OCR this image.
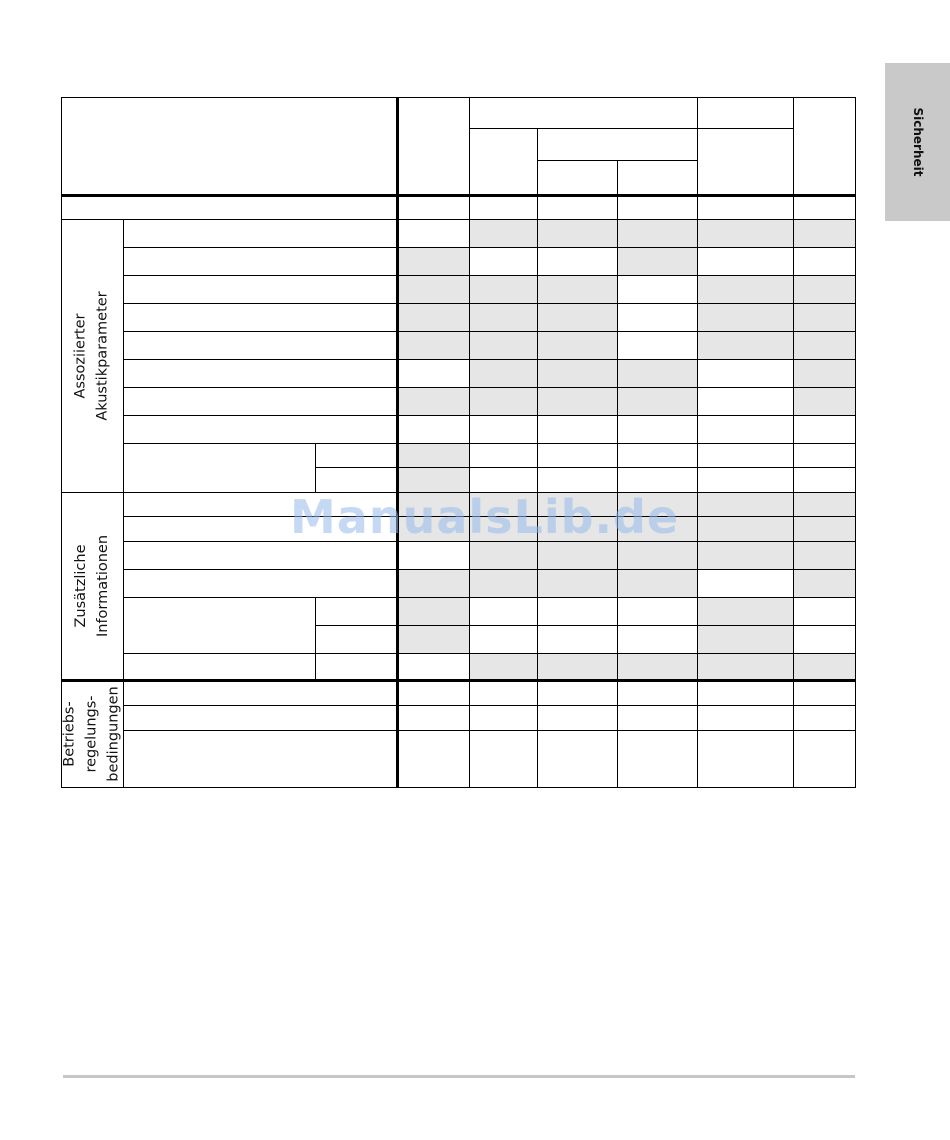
Sicherheit
Assoziierter Akustikparameter
Zusätzliche Informationen
Betriebs- regelungs- bedingungen
ManualsLib.de
